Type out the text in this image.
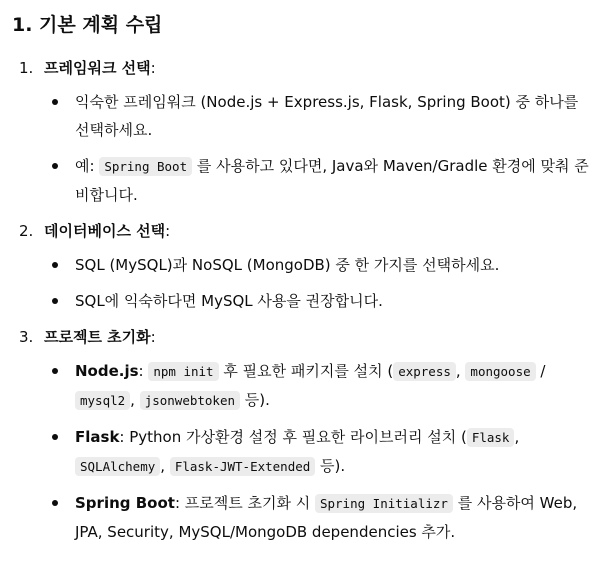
1. 기본 계획 수립
1. 프레임워크 선택:
익숙한 프레임워크 (Node.js + Express.js, Flask, Spring Boot) 중 하나를 선택하세요.
예: Spring Boot 를 사용하고 있다면, Java와 Maven/Gradle 환경에 맞춰 준비합니다.
2. 데이터베이스 선택:
SQL (MySQL)과 NoSQL (MongoDB) 중 한 가지를 선택하세요.
SQL에 익숙하다면 MySQL 사용을 권장합니다.
3. 프로젝트 초기화:
Node.js: npm init 후 필요한 패키지를 설치 ( express , mongoose / mysql2 , jsonwebtoken 등).
Flask: Python 가상환경 설정 후 필요한 라이브러리 설치 ( Flask , SQLAlchemy , Flask-JWT-Extended 등).
Spring Boot: 프로젝트 초기화 시 Spring Initializr 를 사용하여 Web, JPA, Security, MySQL/MongoDB dependencies 추가.
